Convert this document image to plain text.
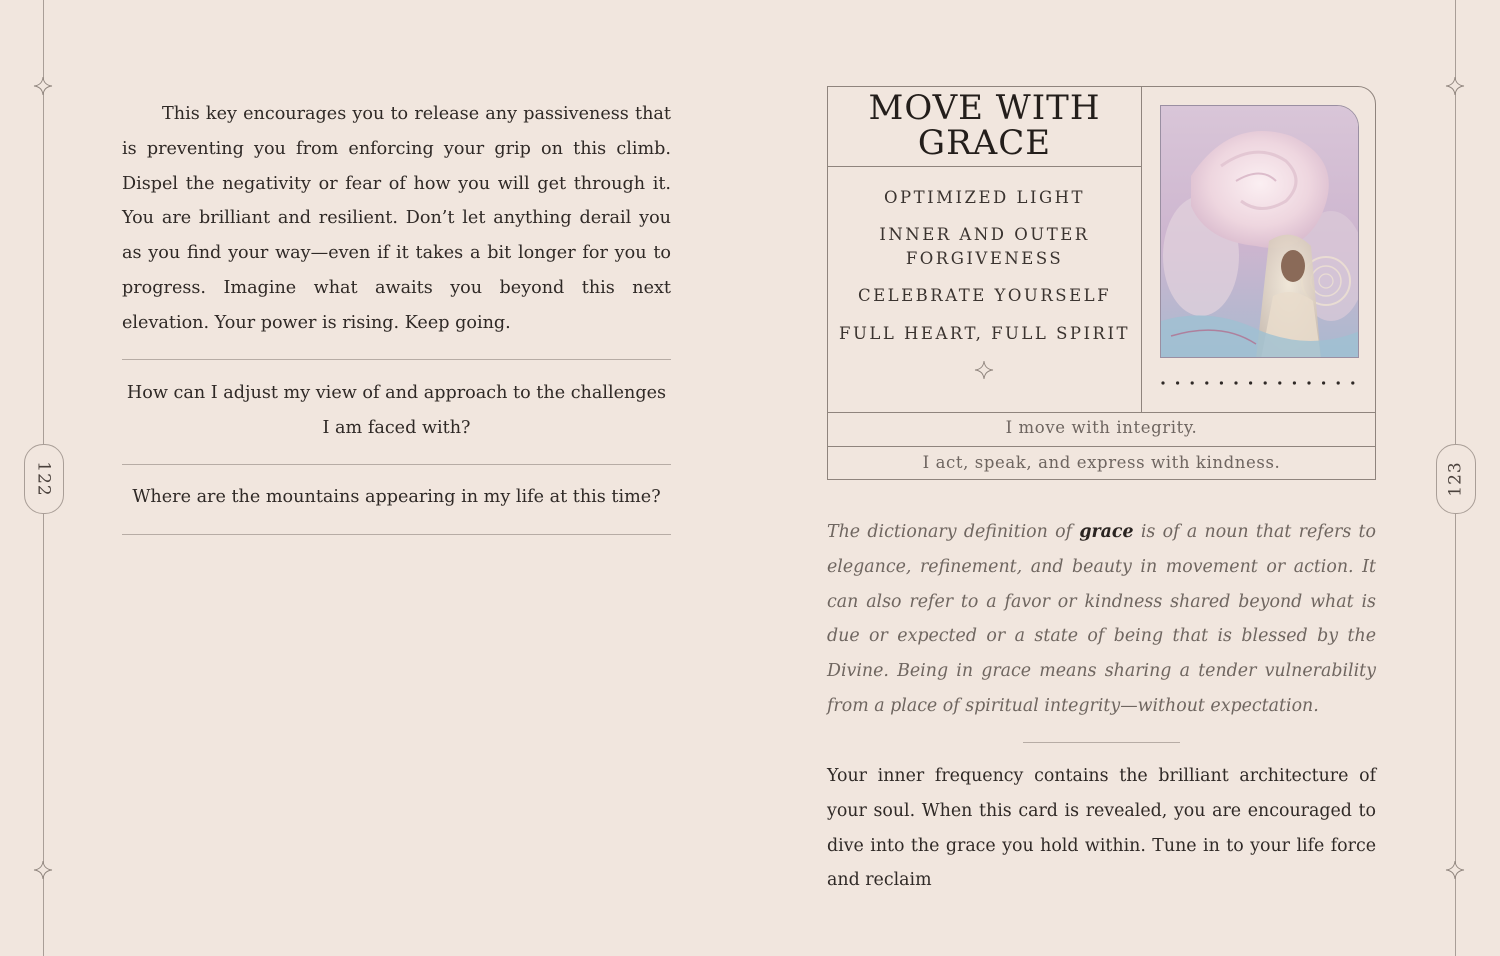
122	123

This key encourages you to release any passiveness that is preventing you from enforcing your grip on this climb. Dispel the negativity or fear of how you will get through it. You are brilliant and resilient. Don’t let anything derail you as you find your way—even if it takes a bit longer for you to progress. Imagine what awaits you beyond this next elevation. Your power is rising. Keep going.

How can I adjust my view of and approach to the challenges I am faced with?

Where are the mountains appearing in my life at this time?

MOVE WITH
GRACE

OPTIMIZED LIGHT

INNER AND OUTER

FORGIVENESS

CELEBRATE YOURSELF

FULL HEART, FULL SPIRIT

I move with integrity.

I act, speak, and express with kindness.

The dictionary definition of grace is of a noun that refers to elegance, refinement, and beauty in movement or action. It can also refer to a favor or kindness shared beyond what is due or expected or a state of being that is blessed by the Divine. Being in grace means sharing a tender vulnerability from a place of spiritual integrity—without expectation.

Your inner frequency contains the brilliant architecture of your soul. When this card is revealed, you are encouraged to dive into the grace you hold within. Tune in to your life force and reclaim
